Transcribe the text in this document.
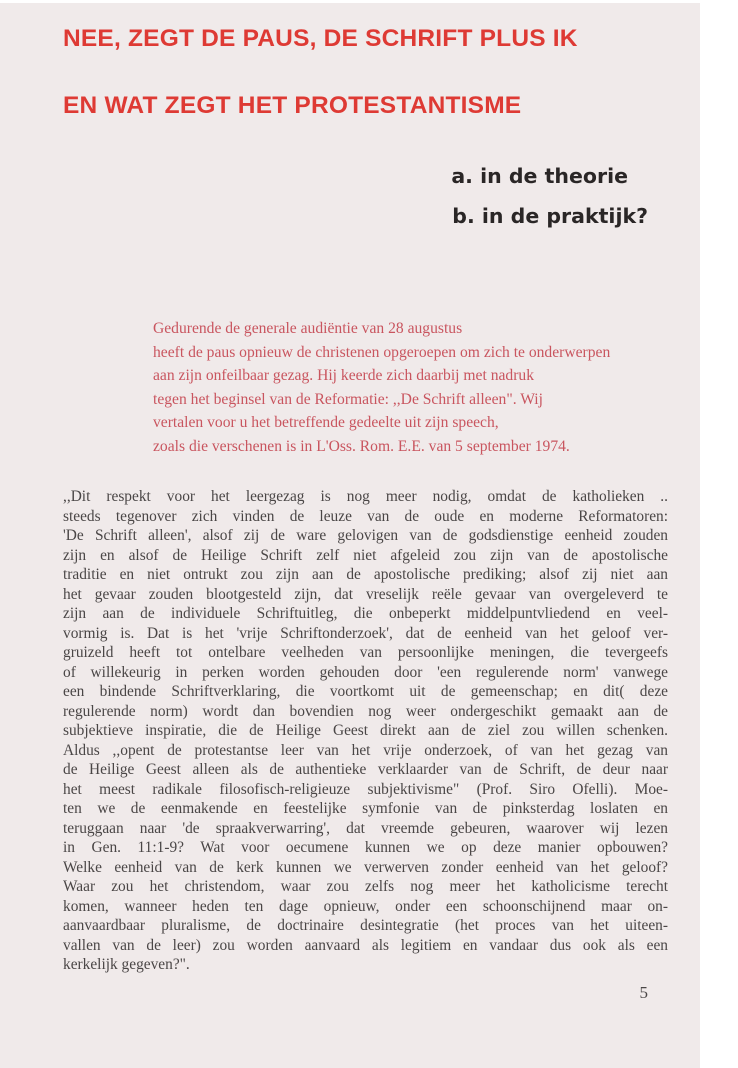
NEE, ZEGT DE PAUS, DE SCHRIFT PLUS IK
EN WAT ZEGT HET PROTESTANTISME
a. in de theorie
b. in de praktijk?
Gedurende de generale audiëntie van 28 augustus
heeft de paus opnieuw de christenen opgeroepen om zich te onderwerpen
aan zijn onfeilbaar gezag. Hij keerde zich daarbij met nadruk
tegen het beginsel van de Reformatie: ,,De Schrift alleen". Wij
vertalen voor u het betreffende gedeelte uit zijn speech,
zoals die verschenen is in L'Oss. Rom. E.E. van 5 september 1974.
,,Dit respekt voor het leergezag is nog meer nodig, omdat de katholieken ..
steeds tegenover zich vinden de leuze van de oude en moderne Reformatoren:
'De Schrift alleen', alsof zij de ware gelovigen van de godsdienstige eenheid zouden
zijn en alsof de Heilige Schrift zelf niet afgeleid zou zijn van de apostolische
traditie en niet ontrukt zou zijn aan de apostolische prediking; alsof zij niet aan
het gevaar zouden blootgesteld zijn, dat vreselijk reële gevaar van overgeleverd te
zijn aan de individuele Schriftuitleg, die onbeperkt middelpuntvliedend en veel-
vormig is. Dat is het 'vrije Schriftonderzoek', dat de eenheid van het geloof ver-
gruizeld heeft tot ontelbare veelheden van persoonlijke meningen, die tevergeefs
of willekeurig in perken worden gehouden door 'een regulerende norm' vanwege
een bindende Schriftverklaring, die voortkomt uit de gemeenschap; en dit( deze
regulerende norm) wordt dan bovendien nog weer ondergeschikt gemaakt aan de
subjektieve inspiratie, die de Heilige Geest direkt aan de ziel zou willen schenken.
Aldus ,,opent de protestantse leer van het vrije onderzoek, of van het gezag van
de Heilige Geest alleen als de authentieke verklaarder van de Schrift, de deur naar
het meest radikale filosofisch-religieuze subjektivisme" (Prof. Siro Ofelli). Moe-
ten we de eenmakende en feestelijke symfonie van de pinksterdag loslaten en
teruggaan naar 'de spraakverwarring', dat vreemde gebeuren, waarover wij lezen
in Gen. 11:1-9? Wat voor oecumene kunnen we op deze manier opbouwen?
Welke eenheid van de kerk kunnen we verwerven zonder eenheid van het geloof?
Waar zou het christendom, waar zou zelfs nog meer het katholicisme terecht
komen, wanneer heden ten dage opnieuw, onder een schoonschijnend maar on-
aanvaardbaar pluralisme, de doctrinaire desintegratie (het proces van het uiteen-
vallen van de leer) zou worden aanvaard als legitiem en vandaar dus ook als een
kerkelijk gegeven?".
5
